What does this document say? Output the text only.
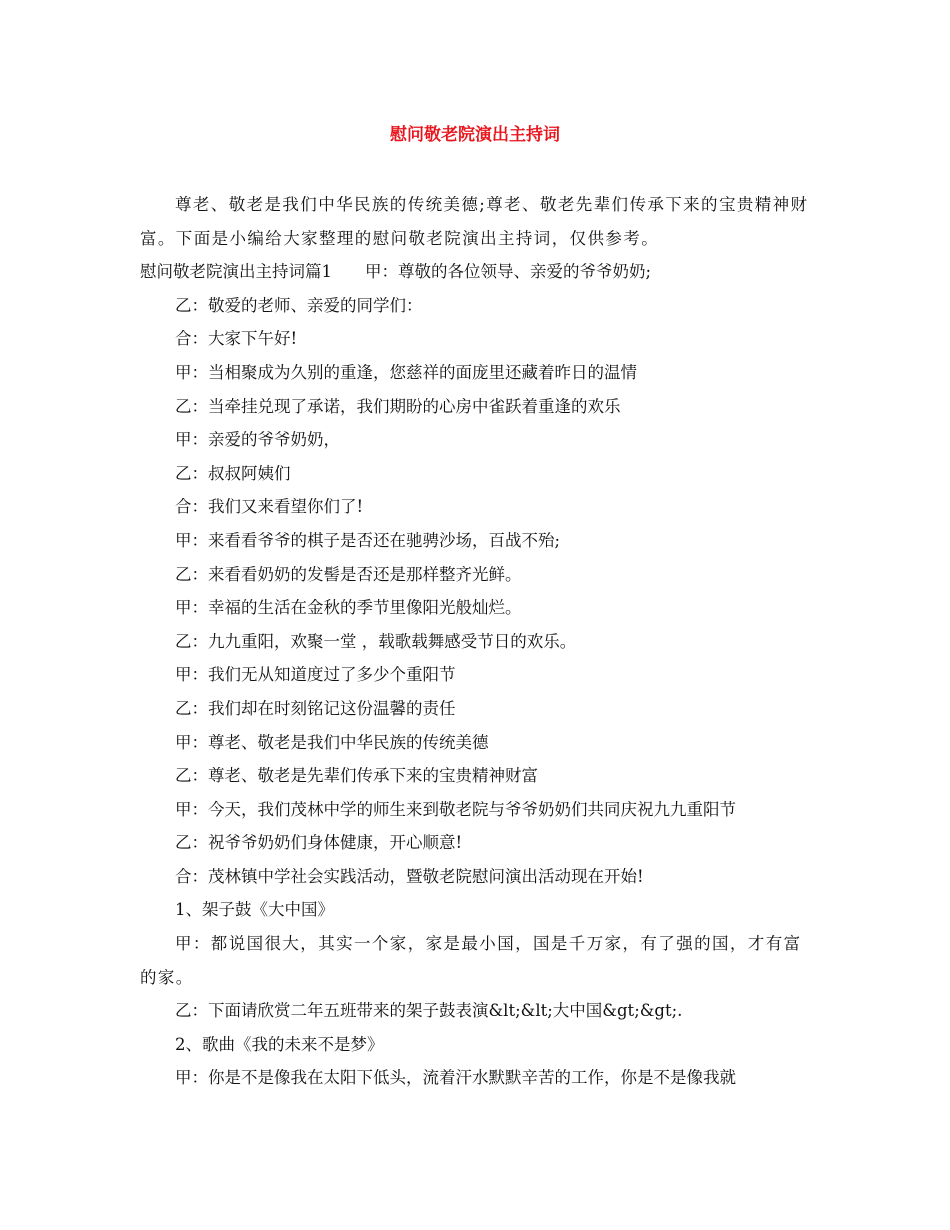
慰问敬老院演出主持词

尊老、敬老是我们中华民族的传统美德;尊老、敬老先辈们传承下来的宝贵精神财富。下面是小编给大家整理的慰问敬老院演出主持词，仅供参考。

慰问敬老院演出主持词篇1　　甲：尊敬的各位领导、亲爱的爷爷奶奶;

乙：敬爱的老师、亲爱的同学们：

合：大家下午好!

甲：当相聚成为久别的重逢，您慈祥的面庞里还藏着昨日的温情

乙：当牵挂兑现了承诺，我们期盼的心房中雀跃着重逢的欢乐

甲：亲爱的爷爷奶奶，

乙：叔叔阿姨们

合：我们又来看望你们了!

甲：来看看爷爷的棋子是否还在驰骋沙场，百战不殆;

乙：来看看奶奶的发髻是否还是那样整齐光鲜。

甲：幸福的生活在金秋的季节里像阳光般灿烂。

乙：九九重阳，欢聚一堂 ，载歌载舞感受节日的欢乐。

甲：我们无从知道度过了多少个重阳节

乙：我们却在时刻铭记这份温馨的责任

甲：尊老、敬老是我们中华民族的传统美德

乙：尊老、敬老是先辈们传承下来的宝贵精神财富

甲：今天，我们茂林中学的师生来到敬老院与爷爷奶奶们共同庆祝九九重阳节

乙：祝爷爷奶奶们身体健康，开心顺意!

合：茂林镇中学社会实践活动，暨敬老院慰问演出活动现在开始!

1、架子鼓《大中国》

甲：都说国很大，其实一个家，家是最小国，国是千万家，有了强的国，才有富的家。

乙：下面请欣赏二年五班带来的架子鼓表演&lt;&lt;大中国&gt;&gt;.

2、歌曲《我的未来不是梦》

甲：你是不是像我在太阳下低头，流着汗水默默辛苦的工作，你是不是像我就
